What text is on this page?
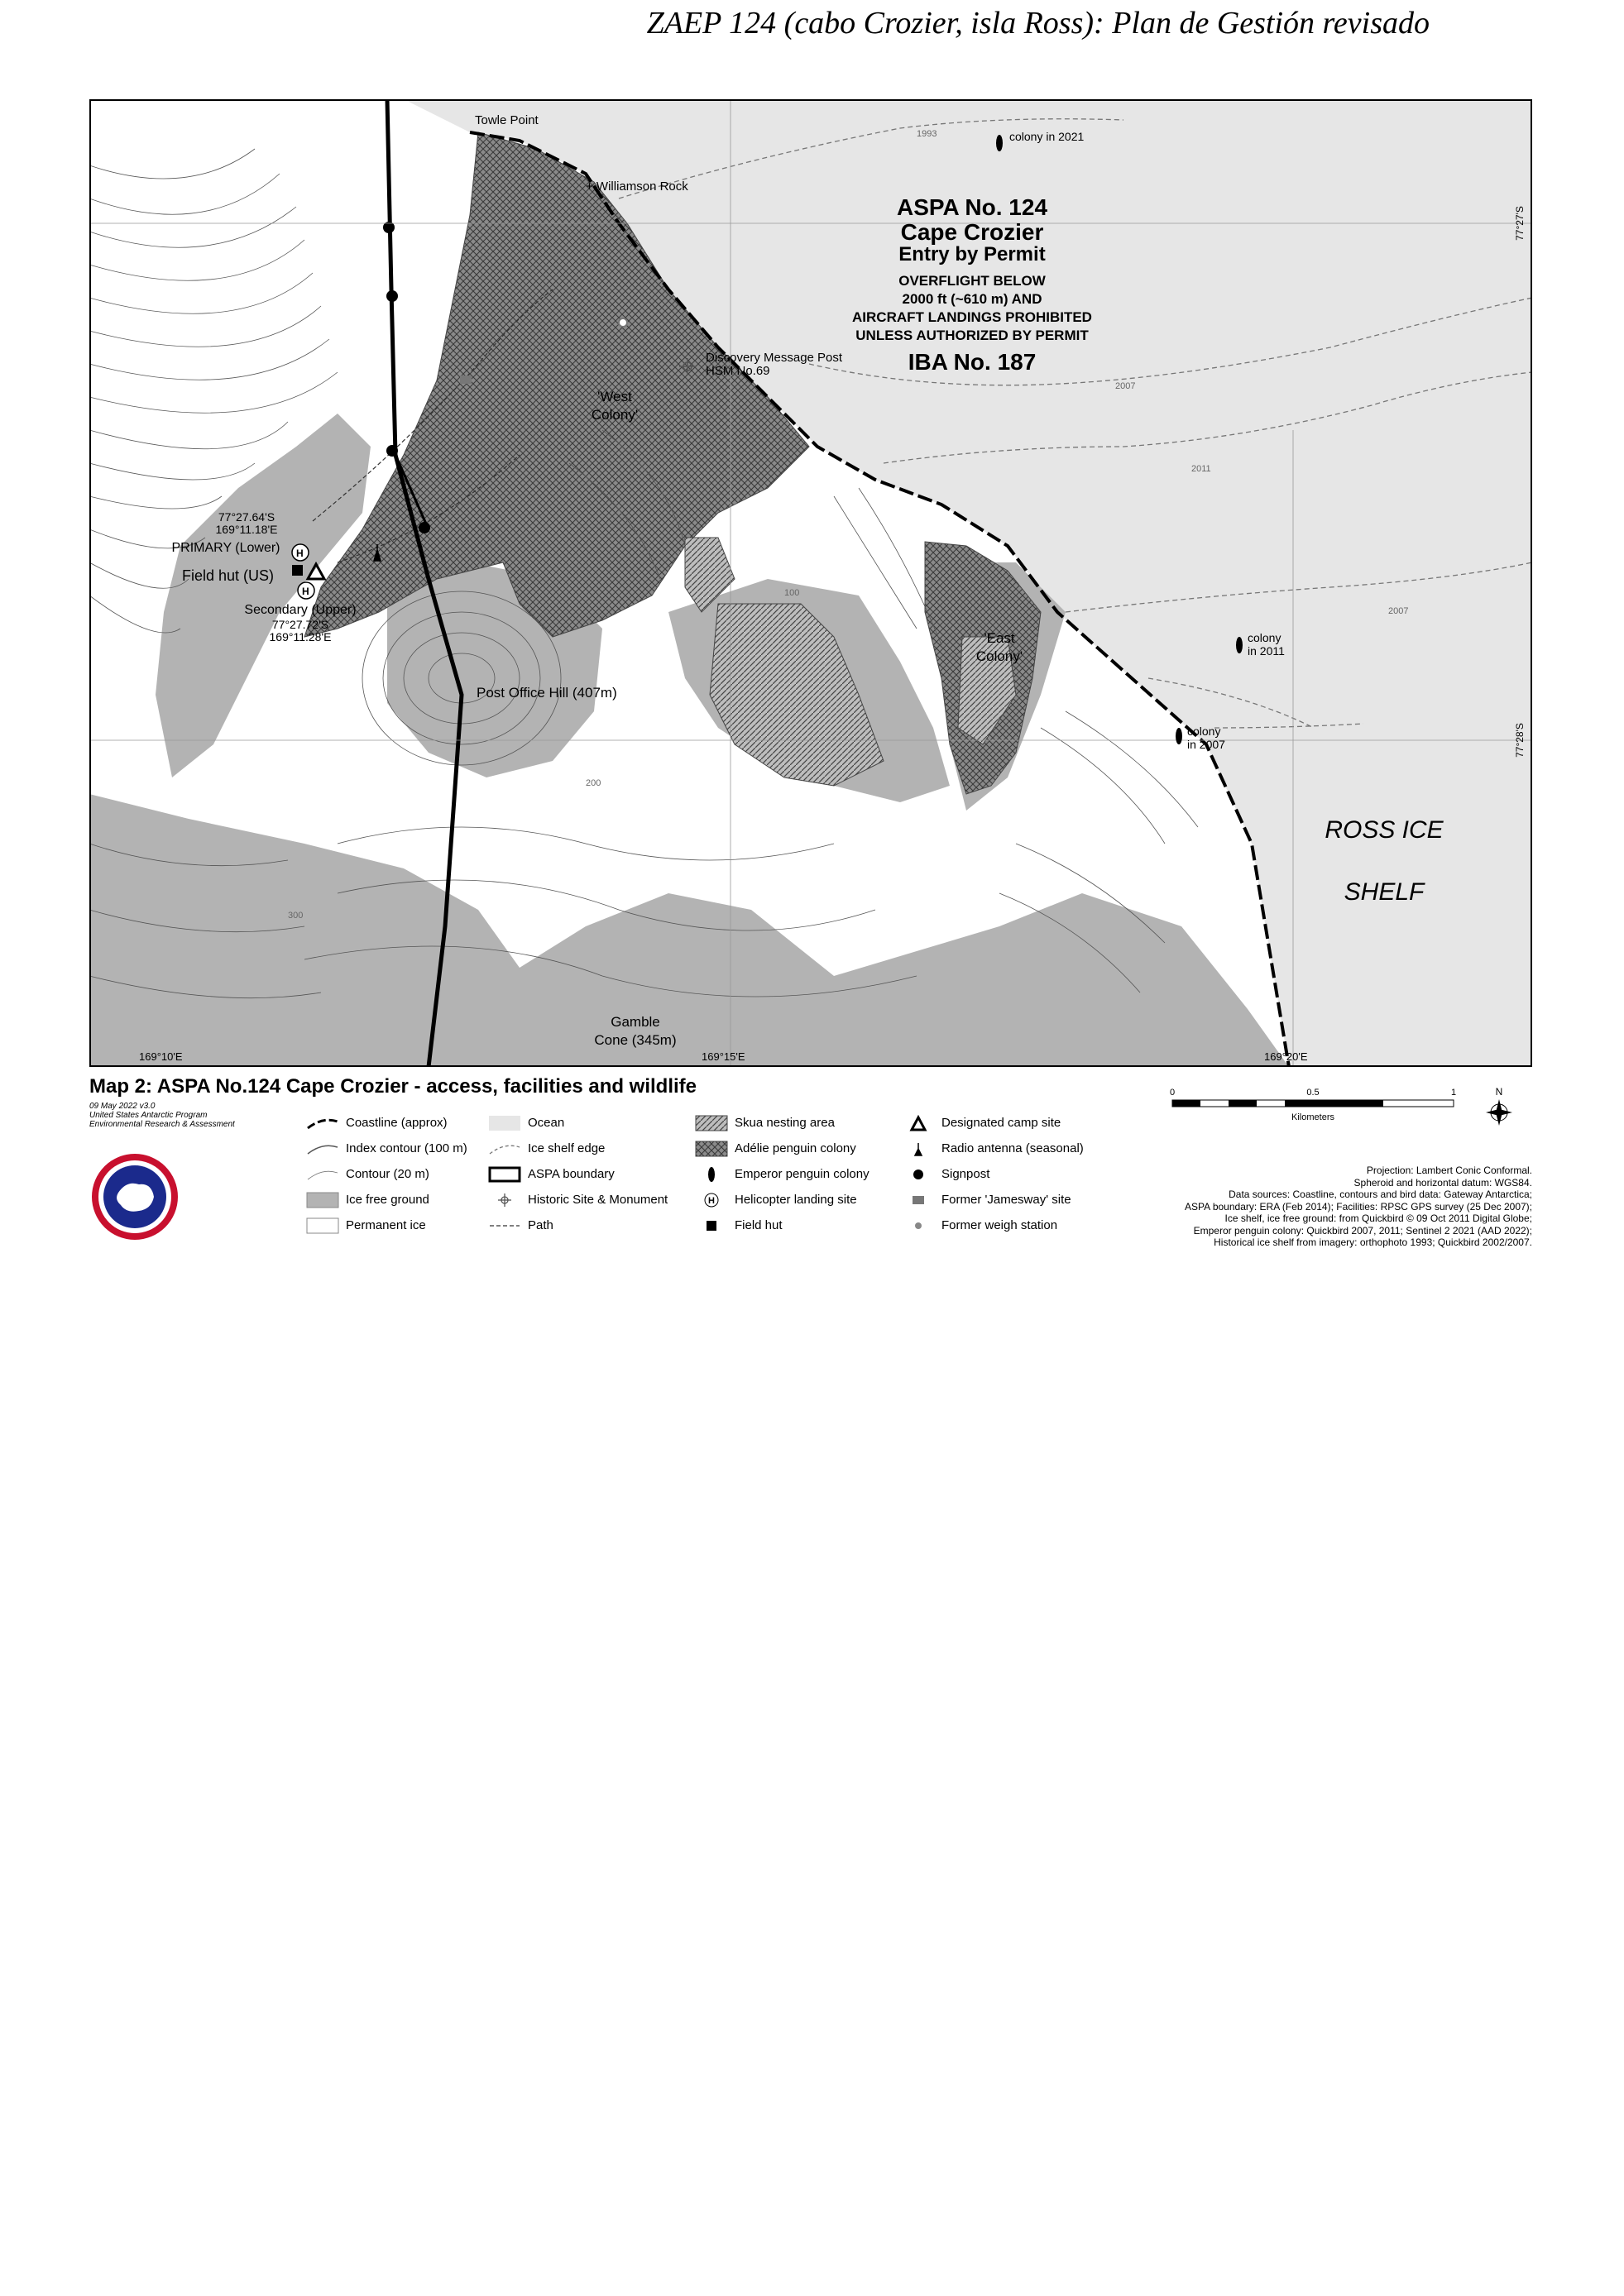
ZAEP 124 (cabo Crozier, isla Ross): Plan de Gestión revisado
H
H
ASPA No. 124
Cape Crozier
Entry by Permit
OVERFLIGHT BELOW
2000 ft (~610 m) AND
AIRCRAFT LANDINGS PROHIBITED
UNLESS AUTHORIZED BY PERMIT
IBA No. 187
ROSS ICE
SHELF
Towle Point
+ Williamson Rock
Discovery Message Post
HSM No.69
'West
Colony'
'East
Colony'
Post Office Hill (407m)
Gamble
Cone (345m)
Field hut (US)
77°27.64'S
169°11.18'E
PRIMARY (Lower)
Secondary (Upper)
77°27.72'S
169°11.28'E
colony in 2021
colony
in 2011
colony
in 2007
1993
2007
2011
2007
100
200
300
169°10'E	169°15'E	169°20'E
77°27'S
77°28'S
Map 2: ASPA No.124 Cape Crozier - access, facilities and wildlife
09 May 2022 v3.0
United States Antarctic Program
Environmental Research & Assessment	Coastline (approx)
Index contour (100 m)
Contour (20 m)
Ice free ground
Permanent ice
Ocean
Ice shelf edge
ASPA boundary
Historic Site & Monument
Path
Skua nesting area
Adélie penguin colony
Emperor penguin colony
H Helicopter landing site
Field hut
Designated camp site
Radio antenna (seasonal)
Signpost
Former 'Jamesway' site
Former weigh station
0	0.5	1
Kilometers
N
Projection: Lambert Conic Conformal.
Spheroid and horizontal datum: WGS84.
Data sources: Coastline, contours and bird data: Gateway Antarctica;
ASPA boundary: ERA (Feb 2014); Facilities: RPSC GPS survey (25 Dec 2007);
Ice shelf, ice free ground: from Quickbird © 09 Oct 2011 Digital Globe;
Emperor penguin colony: Quickbird 2007, 2011; Sentinel 2 2021 (AAD 2022);
Historical ice shelf from imagery: orthophoto 1993; Quickbird 2002/2007.
